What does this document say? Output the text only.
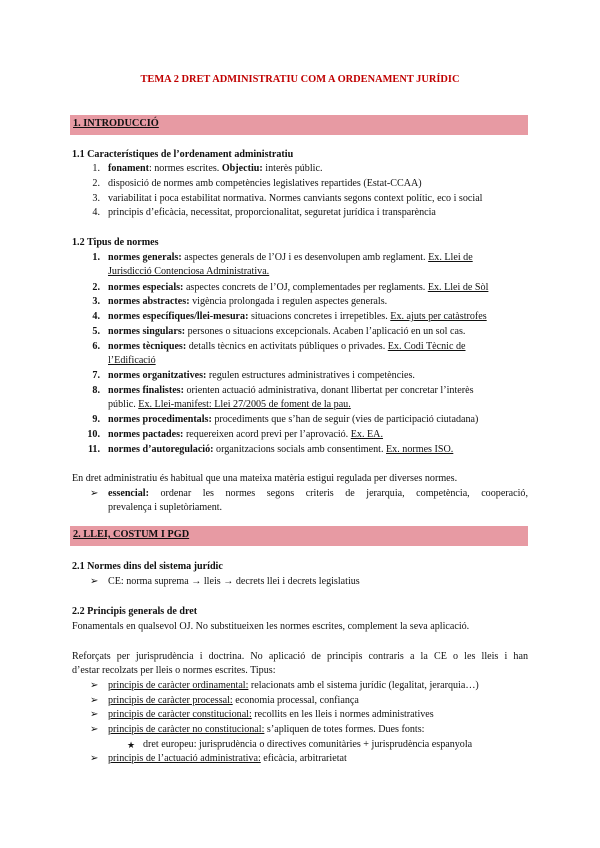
TEMA 2 DRET ADMINISTRATIU COM A ORDENAMENT JURÍDIC
1. INTRODUCCIÓ
1.1 Característiques de l’ordenament administratiu
1. fonament: normes escrites. Objectiu: interès públic.
2. disposició de normes amb competències legislatives repartides (Estat-CCAA)
3. variabilitat i poca estabilitat normativa. Normes canviants segons context polític, eco i social
4. principis d’eficàcia, necessitat, proporcionalitat, seguretat jurídica i transparència
1.2 Tipus de normes
1. normes generals: aspectes generals de l’OJ i es desenvolupen amb reglament. Ex. Llei de
Jurisdicció Contenciosa Administrativa.
2. normes especials: aspectes concrets de l’OJ, complementades per reglaments. Ex. Llei de Sòl
3. normes abstractes: vigència prolongada i regulen aspectes generals.
4. normes específiques/llei-mesura: situacions concretes i irrepetibles. Ex. ajuts per catàstrofes
5. normes singulars: persones o situacions excepcionals. Acaben l’aplicació en un sol cas.
6. normes tècniques: detalls tècnics en activitats públiques o privades. Ex. Codi Tècnic de
l’Edificació
7. normes organitzatives: regulen estructures administratives i competències.
8. normes finalistes: orienten actuació administrativa, donant llibertat per concretar l’interès
públic. Ex. Llei-manifest: Llei 27/2005 de foment de la pau.
9. normes procedimentals: procediments que s’han de seguir (vies de participació ciutadana)
10. normes pactades: requereixen acord previ per l’aprovació. Ex. EA.
11. normes d’autoregulació: organitzacions socials amb consentiment. Ex. normes ISO.
En dret administratiu és habitual que una mateixa matèria estigui regulada per diverses normes.
➢ essencial: ordenar les normes segons criteris de jerarquia, competència, cooperació,
prevalença i supletòriament.
2. LLEI, COSTUM I PGD
2.1 Normes dins del sistema jurídic
➢ CE: norma suprema → lleis → decrets llei i decrets legislatius
2.2 Principis generals de dret
Fonamentals en qualsevol OJ. No substitueixen les normes escrites, complement la seva aplicació.
Reforçats per jurisprudència i doctrina. No aplicació de principis contraris a la CE o les lleis i han
d’estar recolzats per lleis o normes escrites. Tipus:
➢ principis de caràcter ordinamental: relacionats amb el sistema jurídic (legalitat, jerarquia…)
➢ principis de caràcter processal: economia processal, confiança
➢ principis de caràcter constitucional: recollits en les lleis i normes administratives
➢ principis de caràcter no constitucional: s’apliquen de totes formes. Dues fonts:
★ dret europeu: jurisprudència o directives comunitàries + jurisprudència espanyola
➢ principis de l’actuació administrativa: eficàcia, arbitrarietat
